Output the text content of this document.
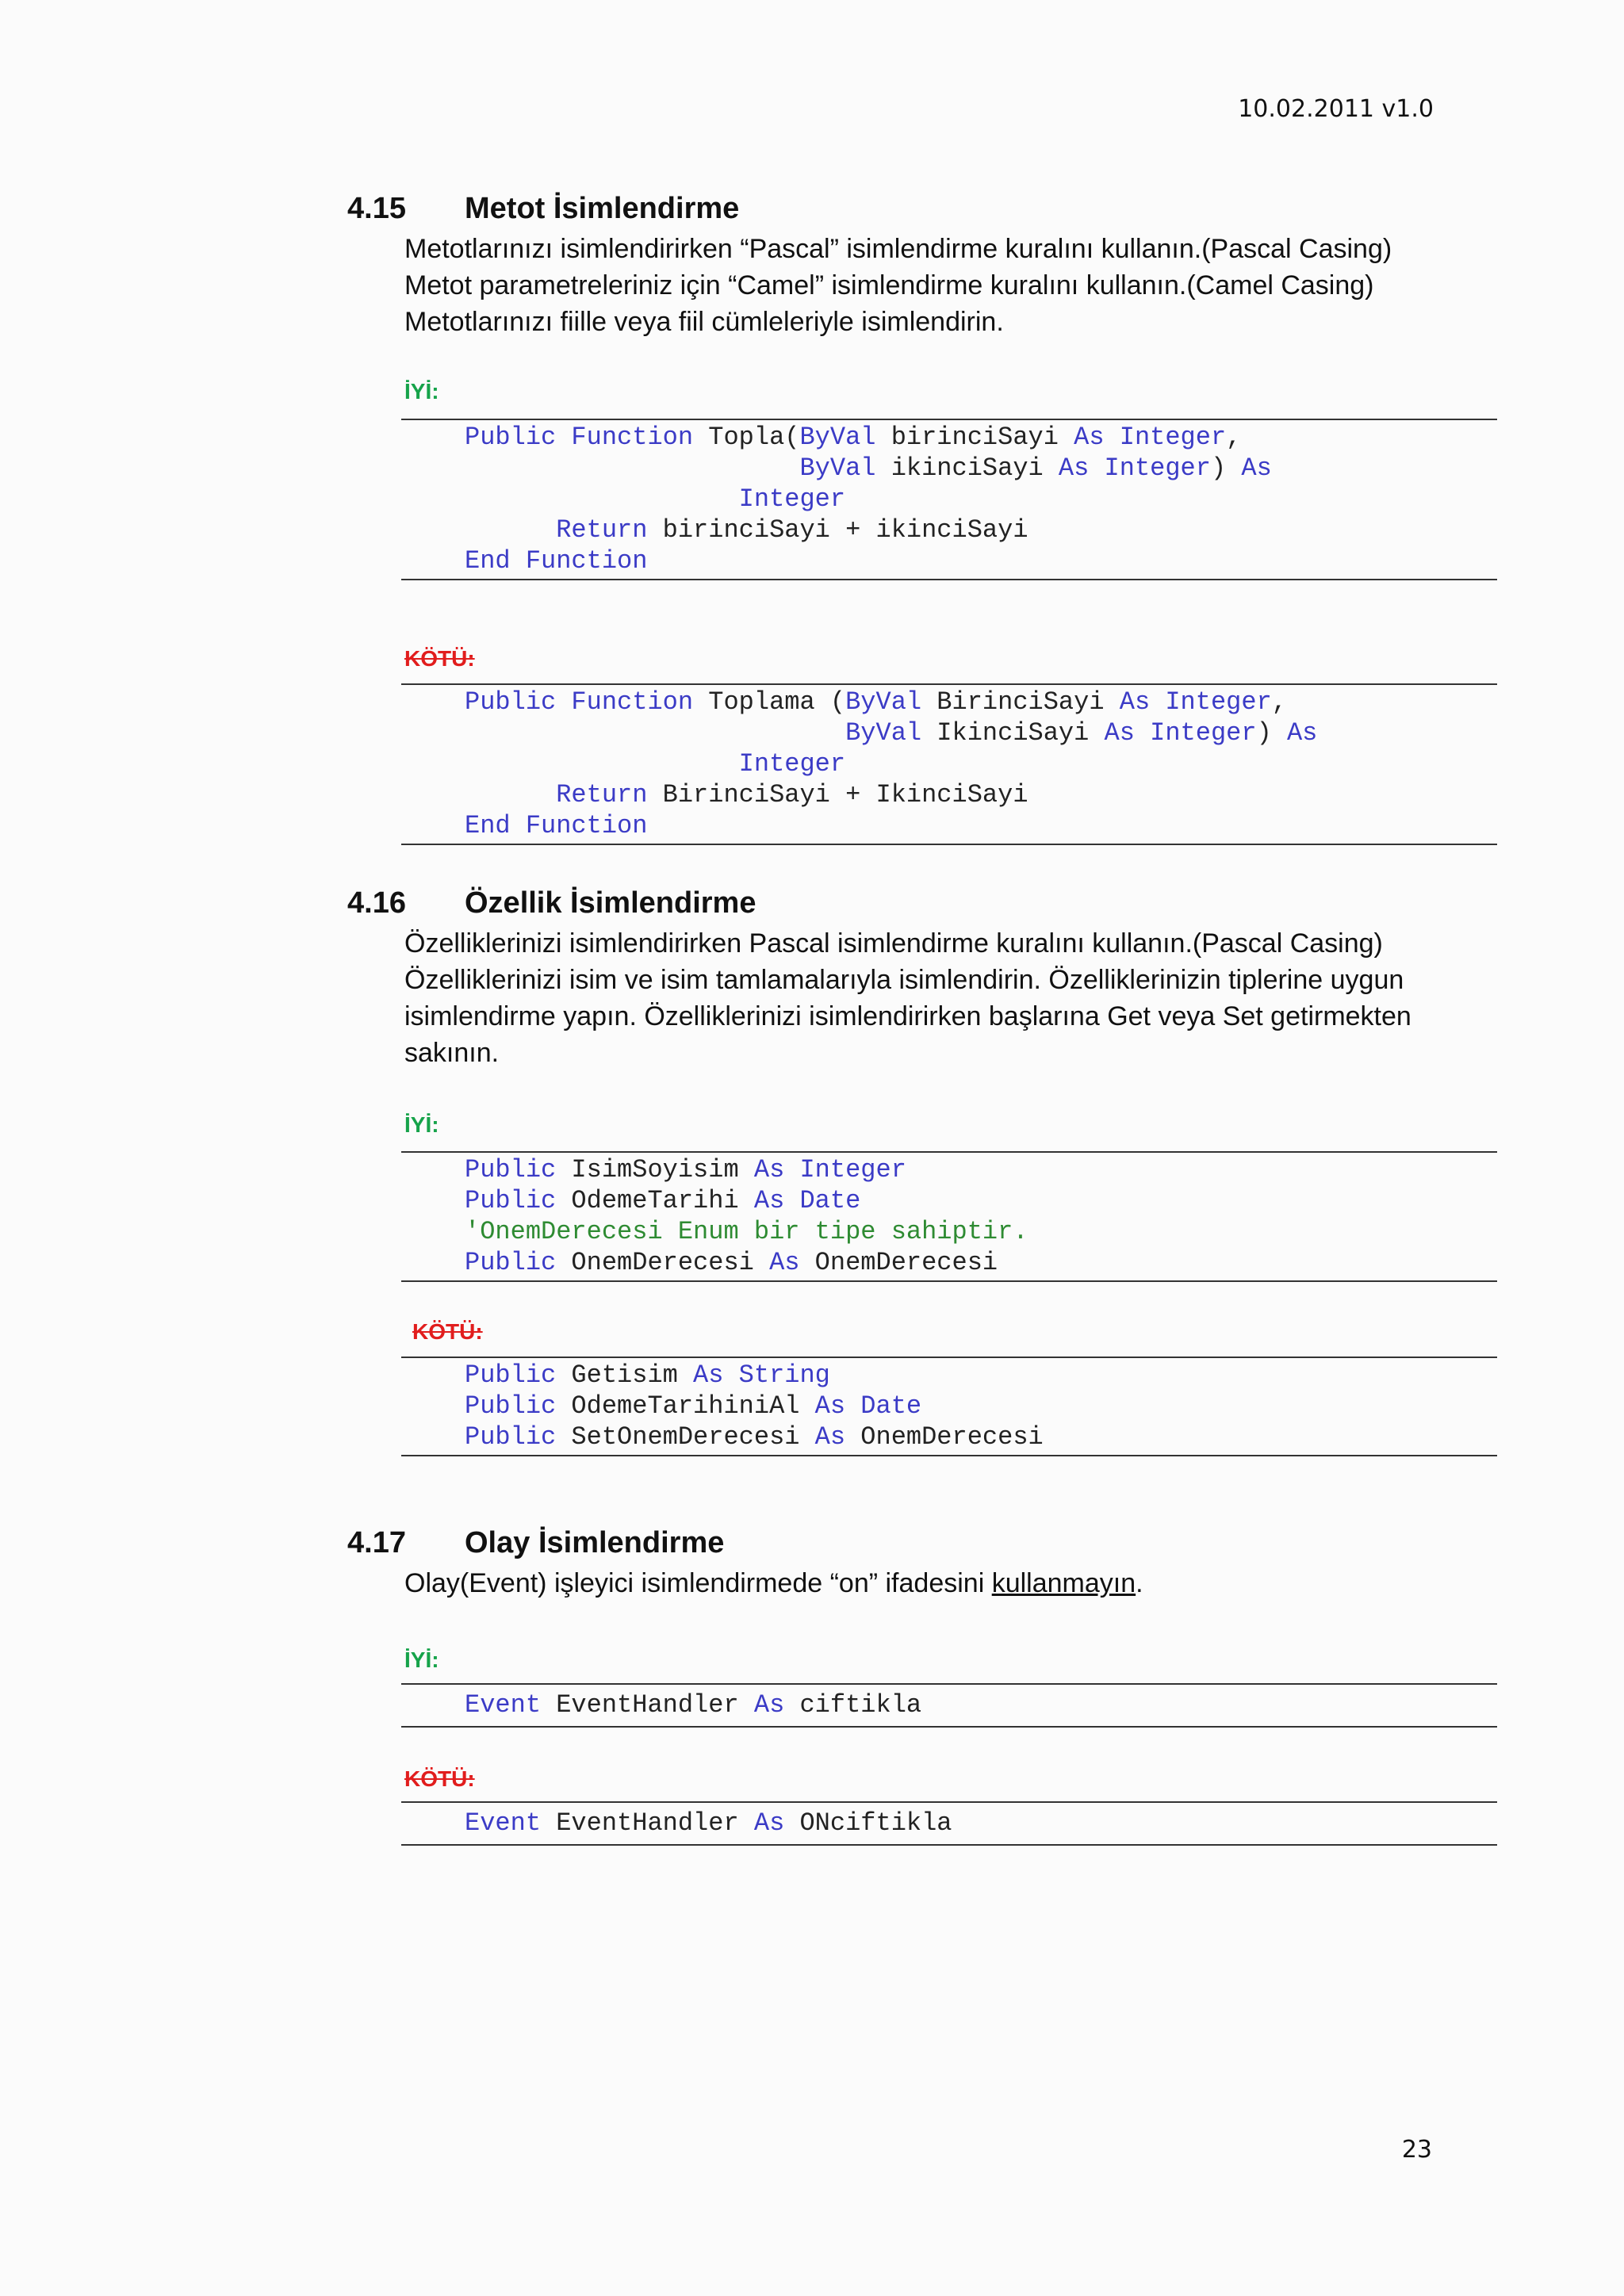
10.02.2011 v1.0
23
4.15 Metot İsimlendirme
Metotlarınızı isimlendirirken “Pascal” isimlendirme kuralını kullanın.(Pascal Casing)
Metot parametreleriniz için “Camel” isimlendirme kuralını kullanın.(Camel Casing)
Metotlarınızı fiille veya fiil cümleleriyle isimlendirin.
İYİ:
Public Function Topla(ByVal birinciSayi As Integer,
ByVal ikinciSayi As Integer) As
Integer
Return birinciSayi + ikinciSayi
End Function
KÖTÜ:
Public Function Toplama (ByVal BirinciSayi As Integer,
ByVal IkinciSayi As Integer) As
Integer
Return BirinciSayi + IkinciSayi
End Function
4.16 Özellik İsimlendirme
Özelliklerinizi isimlendirirken Pascal isimlendirme kuralını kullanın.(Pascal Casing)
Özelliklerinizi isim ve isim tamlamalarıyla isimlendirin. Özelliklerinizin tiplerine uygun
isimlendirme yapın. Özelliklerinizi isimlendirirken başlarına Get veya Set getirmekten
sakının.
İYİ:
Public IsimSoyisim As Integer
Public OdemeTarihi As Date
'OnemDerecesi Enum bir tipe sahiptir.
Public OnemDerecesi As OnemDerecesi
KÖTÜ:
Public Getisim As String
Public OdemeTarihiniAl As Date
Public SetOnemDerecesi As OnemDerecesi
4.17 Olay İsimlendirme
Olay(Event) işleyici isimlendirmede “on” ifadesini kullanmayın.
İYİ:
Event EventHandler As ciftikla
KÖTÜ:
Event EventHandler As ONciftikla
